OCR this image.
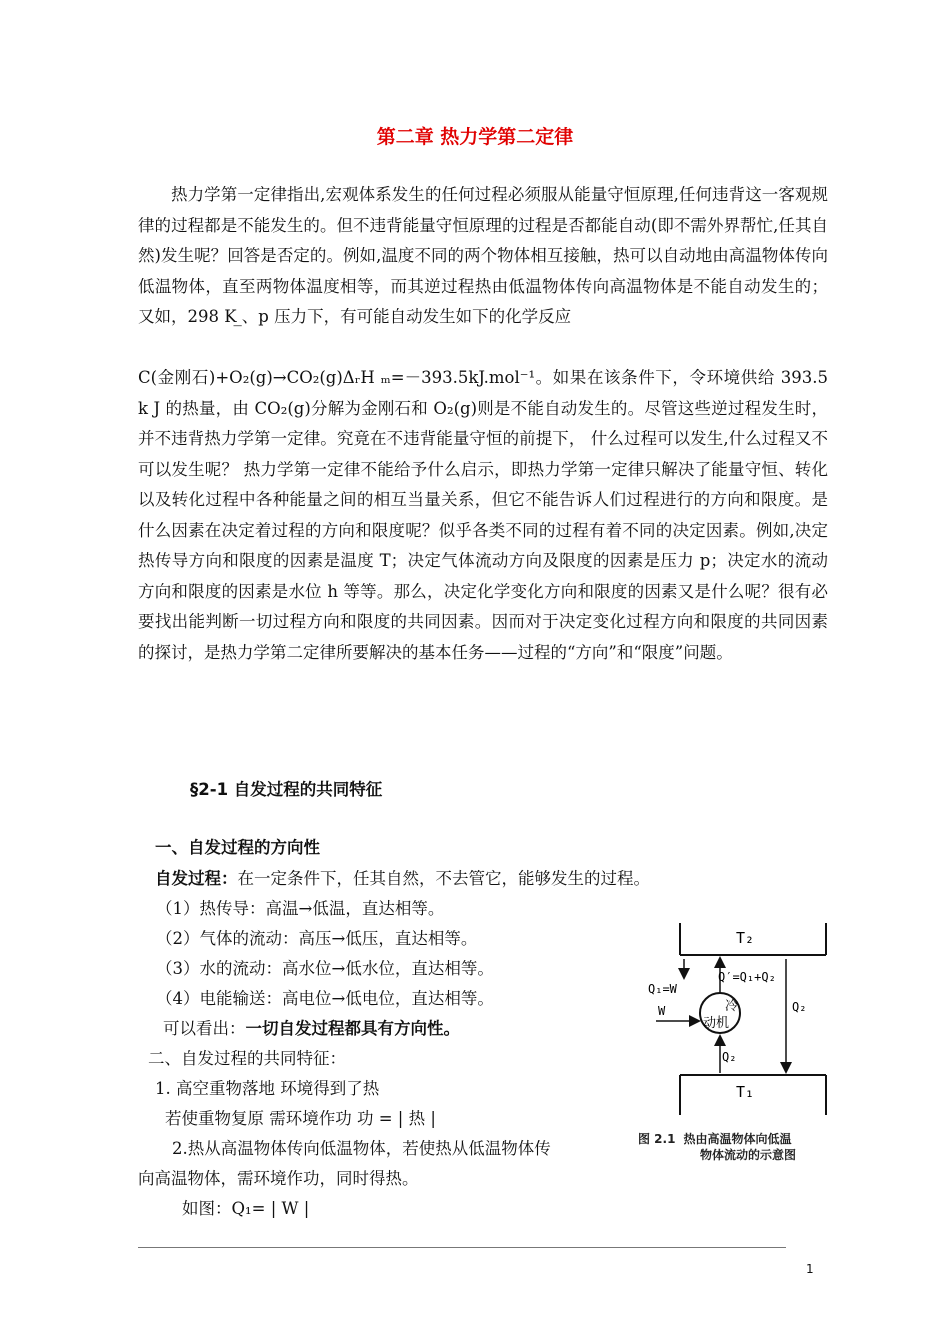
第二章 热力学第二定律

热力学第一定律指出,宏观体系发生的任何过程必须服从能量守恒原理,任何违背这一客观规律的过程都是不能发生的。但不违背能量守恒原理的过程是否都能自动(即不需外界帮忙,任其自然)发生呢？回答是否定的。例如,温度不同的两个物体相互接触，热可以自动地由高温物体传向低温物体，直至两物体温度相等，而其逆过程热由低温物体传向高温物体是不能自动发生的；又如，298 K ̲、p 压力下，有可能自动发生如下的化学反应

C(金刚石)+O₂(g)→CO₂(g)ΔᵣH ₘ=－393.5kJ.mol⁻¹。如果在该条件下，令环境供给 393.5 k J 的热量，由 CO₂(g)分解为金刚石和 O₂(g)则是不能自动发生的。尽管这些逆过程发生时，并不违背热力学第一定律。究竟在不违背能量守恒的前提下， 什么过程可以发生,什么过程又不可以发生呢？ 热力学第一定律不能给予什么启示，即热力学第一定律只解决了能量守恒、转化以及转化过程中各种能量之间的相互当量关系，但它不能告诉人们过程进行的方向和限度。是什么因素在决定着过程的方向和限度呢？似乎各类不同的过程有着不同的决定因素。例如,决定热传导方向和限度的因素是温度 T；决定气体流动方向及限度的因素是压力 p；决定水的流动方向和限度的因素是水位 h 等等。那么，决定化学变化方向和限度的因素又是什么呢？很有必要找出能判断一切过程方向和限度的共同因素。因而对于决定变化过程方向和限度的共同因素的探讨，是热力学第二定律所要解决的基本任务——过程的“方向”和“限度”问题。

§2-1 自发过程的共同特征
一、自发过程的方向性
自发过程：在一定条件下，任其自然，不去管它，能够发生的过程。
（1）热传导：高温→低温，直达相等。
（2）气体的流动：高压→低压，直达相等。
（3）水的流动：高水位→低水位，直达相等。
（4）电能输送：高电位→低电位，直达相等。
可以看出：一切自发过程都具有方向性。
二、自发过程的共同特征：
1. 高空重物落地 环境得到了热
若使重物复原 需环境作功 功 = | 热 |
2.热从高温物体传向低温物体，若使热从低温物体传
向高温物体，需环境作功，同时得热。
如图：Q₁= | W |
T₂
T₁
冷
动机
Q′=Q₁+Q₂
Q₂
Q₁=W
W	Q₂
图 2.1 热由高温物体向低温
物体流动的示意图
1
